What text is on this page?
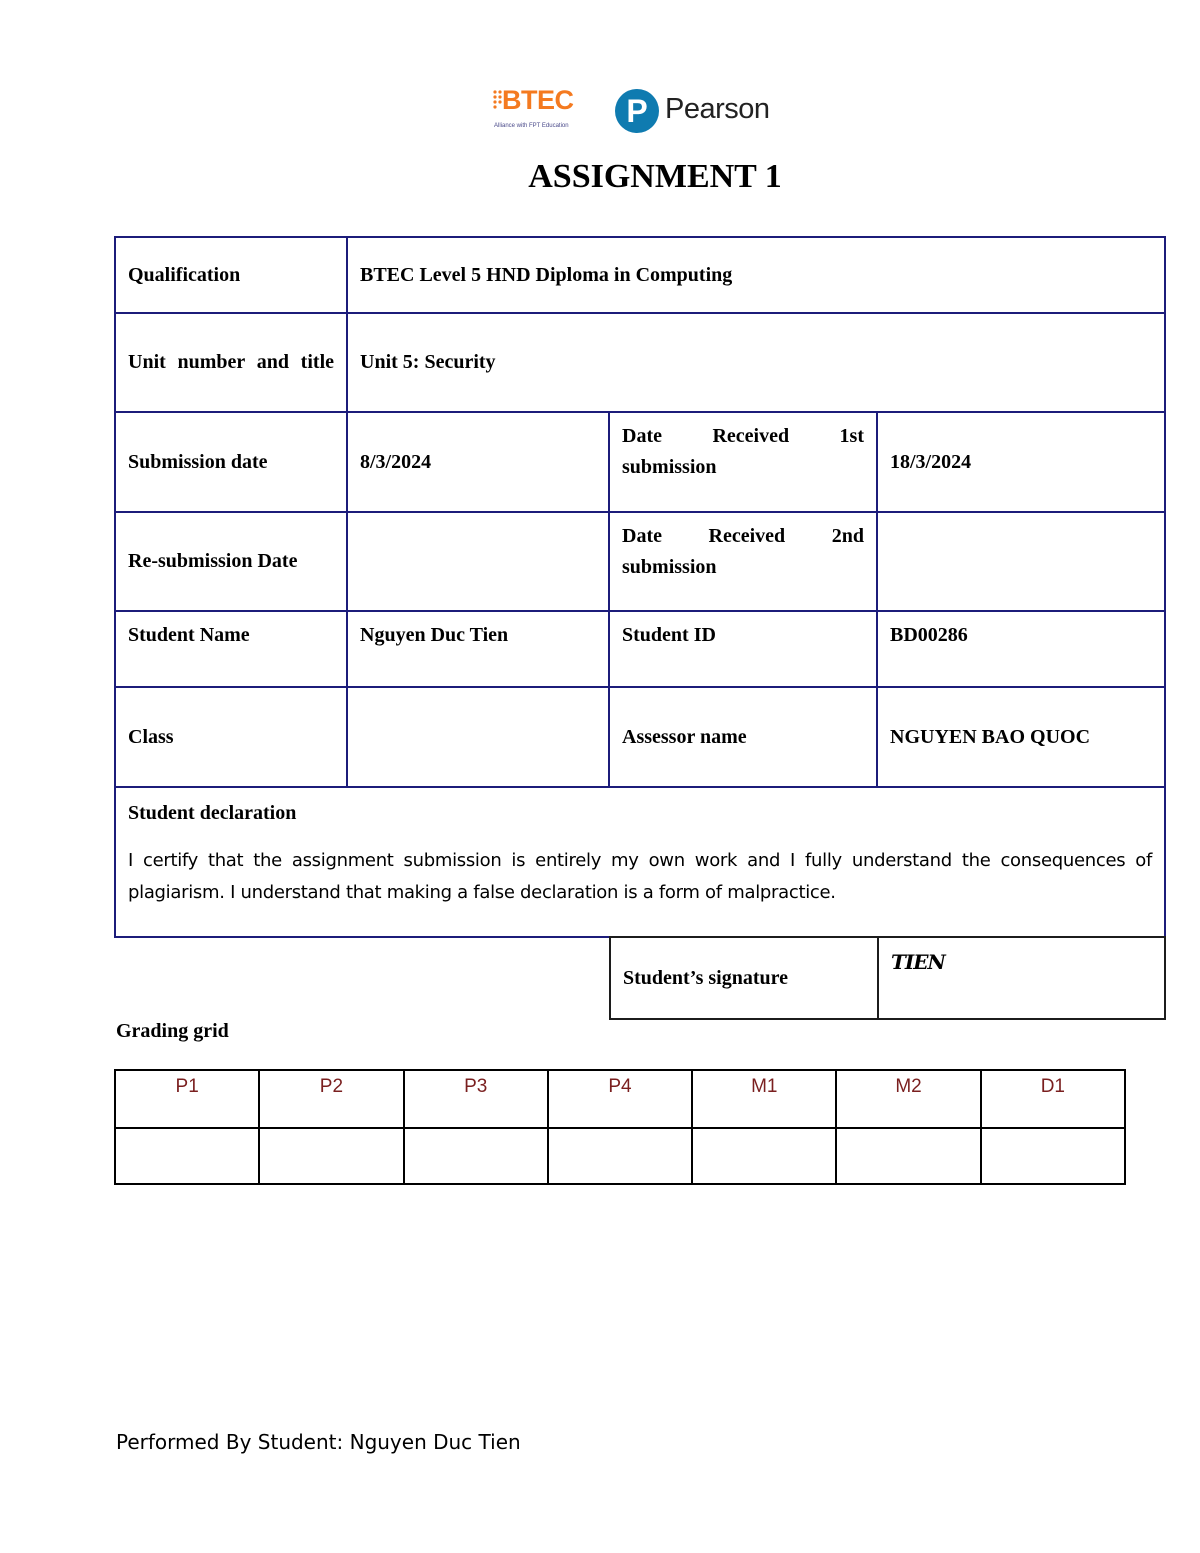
BTEC
Alliance with FPT Education	P Pearson
ASSIGNMENT 1
Qualification	BTEC Level 5 HND Diploma in Computing		
Unit number and title	Unit 5: Security		
Submission date	8/3/2024	Date Received 1st submission	18/3/2024
Re-submission Date		Date Received 2nd submission	
Student Name	Nguyen Duc Tien	Student ID	BD00286
Class		Assessor name	NGUYEN BAO QUOC

Student declaration
I certify that the assignment submission is entirely my own work and I fully understand the consequences of plagiarism. I understand that making a false declaration is a form of malpractice.			
Student’s signature	TIEN
Grading grid
P1	P2	P3	P4	M1	M2	D1

Performed By Student: Nguyen Duc Tien
